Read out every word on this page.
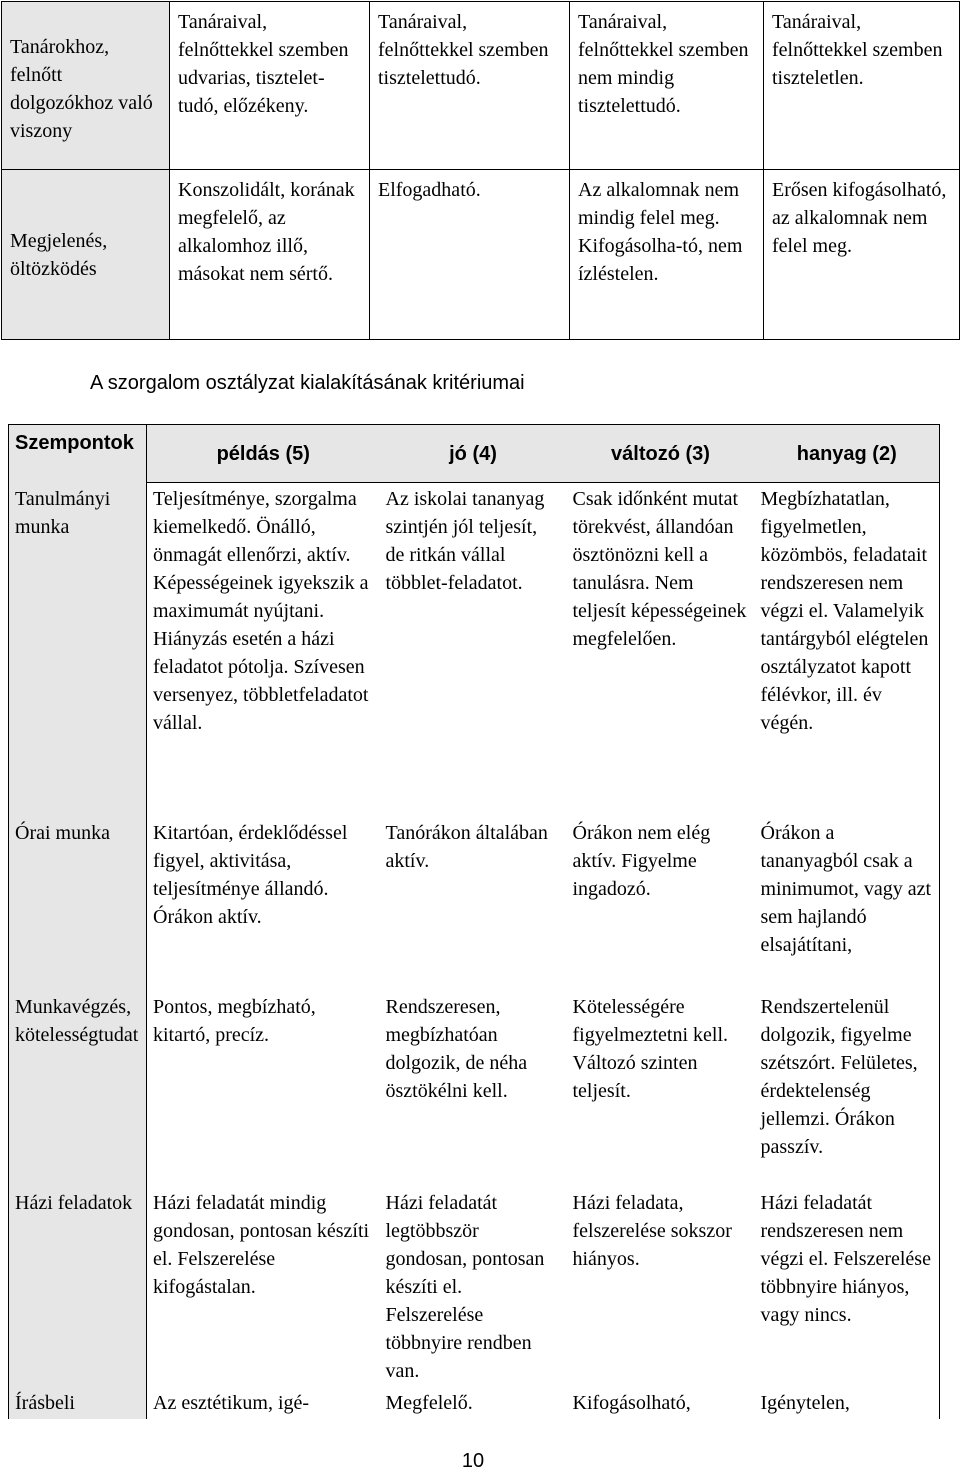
Tanárokhoz, felnőtt dolgozókhoz való viszony	Tanáraival, felnőttekkel szemben udvarias, tisztelet-tudó, előzékeny.	Tanáraival, felnőttekkel szemben tisztelettudó.	Tanáraival, felnőttekkel szemben nem mindig tisztelettudó.	Tanáraival, felnőttekkel szemben tiszteletlen.
Megjelenés, öltözködés	Konszolidált, korának megfelelő, az alkalomhoz illő, másokat nem sértő.	Elfogadható.	Az alkalomnak nem mindig felel meg. Kifogásolha-tó, nem ízléstelen.	Erősen kifogásolható, az alkalomnak nem felel meg.
A szorgalom osztályzat kialakításának kritériumai
Szempontok	példás (5)	jó (4)	változó (3)	hanyag (2)
Tanulmányi munka	Teljesítménye, szorgalma kiemelkedő. Önálló, önmagát ellenőrzi, aktív. Képességeinek igyekszik a maximumát nyújtani. Hiányzás esetén a házi feladatot pótolja. Szívesen versenyez, többletfeladatot vállal.	Az iskolai tananyag szintjén jól teljesít, de ritkán vállal többlet-feladatot.	Csak időnként mutat törekvést, állandóan ösztönözni kell a tanulásra. Nem teljesít képességeinek megfelelően.	Megbízhatatlan, figyelmetlen, közömbös, feladatait rendszeresen nem végzi el. Valamelyik tantárgyból elégtelen osztályzatot kapott félévkor, ill. év végén.
Órai munka	Kitartóan, érdeklődéssel figyel, aktivitása, teljesítménye állandó. Órákon aktív.	Tanórákon általában aktív.	Órákon nem elég aktív. Figyelme ingadozó.	Órákon a tananyagból csak a minimumot, vagy azt sem hajlandó elsajátítani,
Munkavégzés, kötelességtudat	Pontos, megbízható, kitartó, precíz.	Rendszeresen, megbízhatóan dolgozik, de néha ösztökélni kell.	Kötelességére figyelmeztetni kell. Változó szinten teljesít.	Rendszertelenül dolgozik, figyelme szétszórt. Felületes, érdektelenség jellemzi. Órákon passzív.
Házi feladatok	Házi feladatát mindig gondosan, pontosan készíti el. Felszerelése kifogástalan.	Házi feladatát legtöbbször gondosan, pontosan készíti el. Felszerelése többnyire rendben van.	Házi feladata, felszerelése sokszor hiányos.	Házi feladatát rendszeresen nem végzi el. Felszerelése többnyire hiányos, vagy nincs.
Írásbeli	Az esztétikum, igé-	Megfelelő.	Kifogásolható,	Igénytelen,
10
